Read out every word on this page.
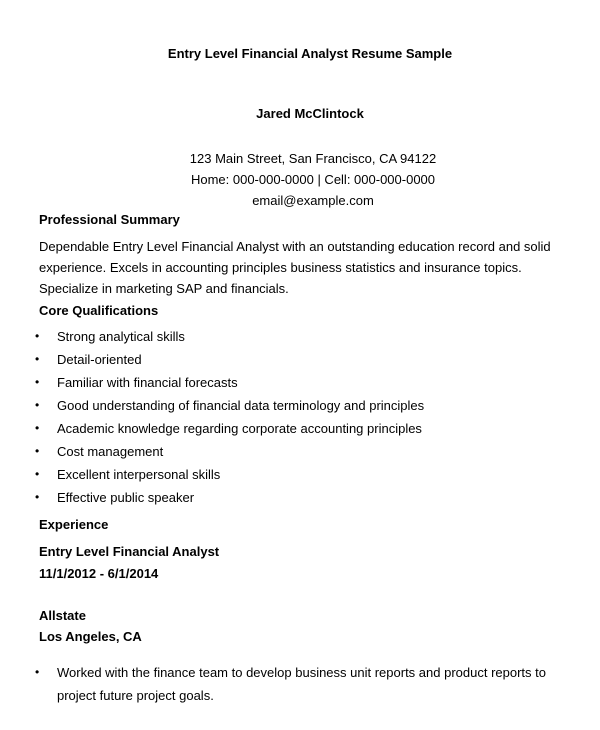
Entry Level Financial Analyst Resume Sample
Jared McClintock
123 Main Street, San Francisco, CA 94122
Home: 000-000-0000 | Cell: 000-000-0000
email@example.com
Professional Summary
Dependable Entry Level Financial Analyst with an outstanding education record and solid experience. Excels in accounting principles business statistics and insurance topics. Specialize in marketing SAP and financials.
Core Qualifications
• Strong analytical skills
• Detail-oriented
• Familiar with financial forecasts
• Good understanding of financial data terminology and principles
• Academic knowledge regarding corporate accounting principles
• Cost management
• Excellent interpersonal skills
• Effective public speaker
Experience
Entry Level Financial Analyst
11/1/2012 - 6/1/2014
Allstate
Los Angeles, CA
• Worked with the finance team to develop business unit reports and product reports to project future project goals.
